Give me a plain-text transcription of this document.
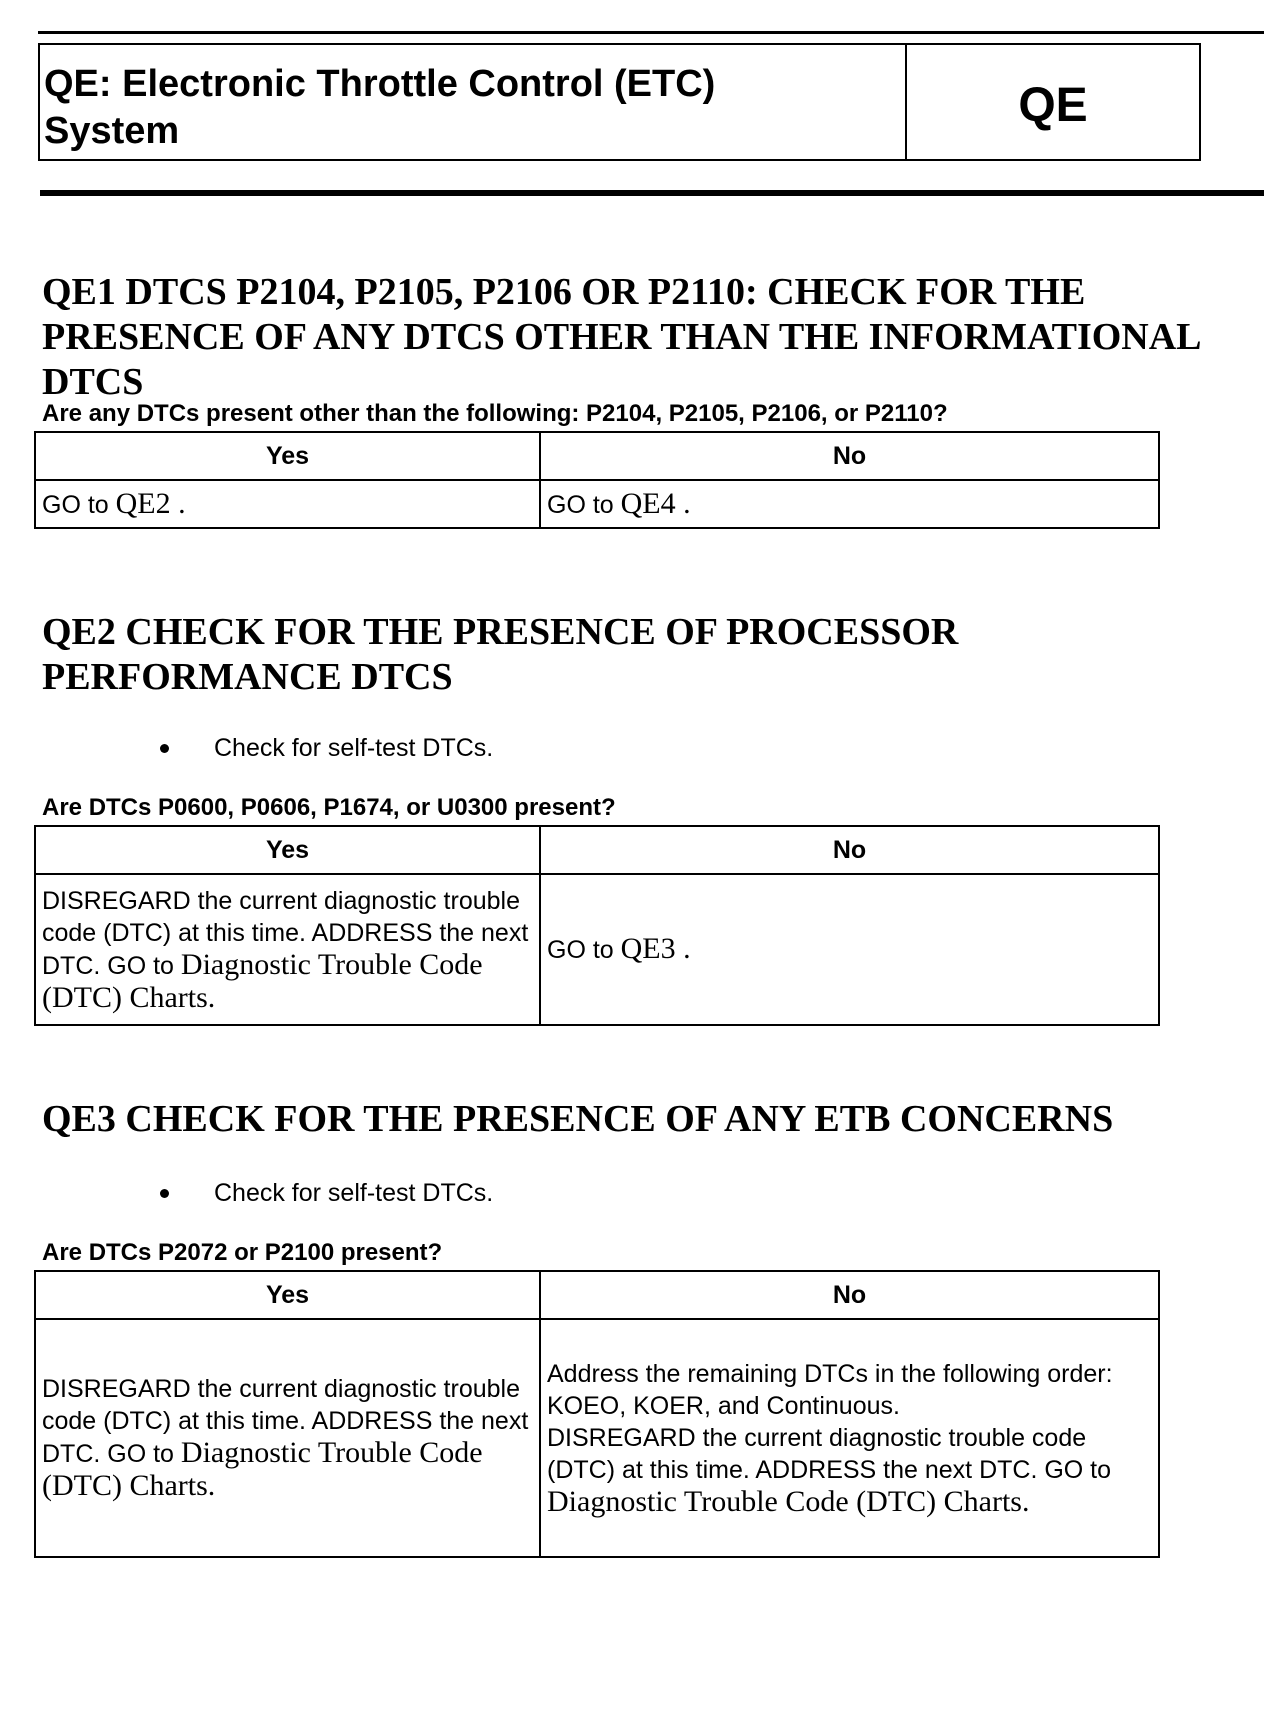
QE: Electronic Throttle Control (ETC)
System	QE
QE1 DTCS P2104, P2105, P2106 OR P2110: CHECK FOR THE PRESENCE OF ANY DTCS OTHER THAN THE INFORMATIONAL DTCS
Are any DTCs present other than the following: P2104, P2105, P2106, or P2110?
Yes	No
GO to QE2 .	GO to QE4 .
QE2 CHECK FOR THE PRESENCE OF PROCESSOR PERFORMANCE DTCS
Check for self-test DTCs.
Are DTCs P0600, P0606, P1674, or U0300 present?
Yes	No
DISREGARD the current diagnostic trouble code (DTC) at this time. ADDRESS the next DTC. GO to Diagnostic Trouble Code (DTC) Charts.	GO to QE3 .
QE3 CHECK FOR THE PRESENCE OF ANY ETB CONCERNS
Check for self-test DTCs.
Are DTCs P2072 or P2100 present?
Yes	No
DISREGARD the current diagnostic trouble code (DTC) at this time. ADDRESS the next DTC. GO to Diagnostic Trouble Code (DTC) Charts.	Address the remaining DTCs in the following order: KOEO, KOER, and Continuous.
DISREGARD the current diagnostic trouble code (DTC) at this time. ADDRESS the next DTC. GO to Diagnostic Trouble Code (DTC) Charts.
